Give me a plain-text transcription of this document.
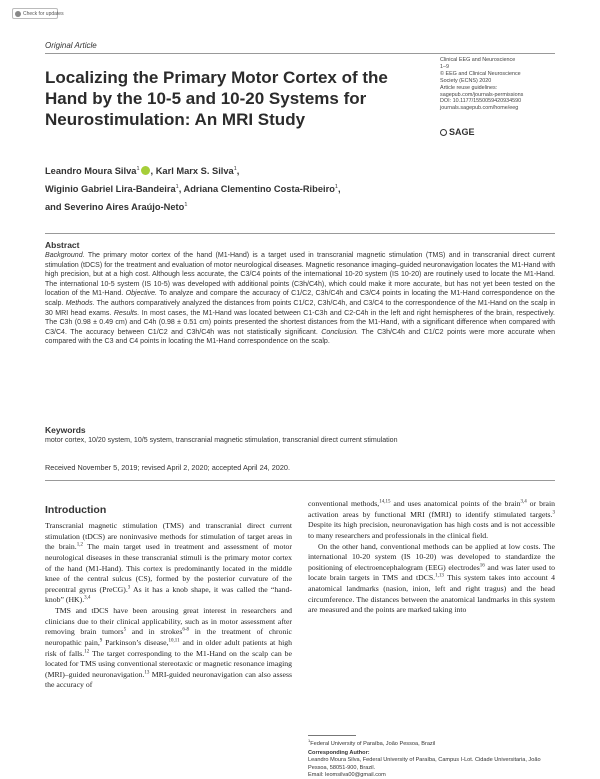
Check for updates
Original Article
Localizing the Primary Motor Cortex of the Hand by the 10-5 and 10-20 Systems for Neurostimulation: An MRI Study
Clinical EEG and Neuroscience
1–9
© EEG and Clinical Neuroscience
Society (ECNS) 2020
Article reuse guidelines:
sagepub.com/journals-permissions
DOI: 10.1177/1550059420934590
journals.sagepub.com/home/eeg
SAGE
Leandro Moura Silva$^1$ , Karl Marx S. Silva$^1$,
Wiginio Gabriel Lira-Bandeira$^1$, Adriana Clementino Costa-Ribeiro$^1$,
and Severino Aires Araújo-Neto$^1$
Abstract

Background. The primary motor cortex of the hand (M1-Hand) is a target used in transcranial magnetic stimulation (TMS) and in transcranial direct current stimulation (tDCS) for the treatment and evaluation of motor neurological diseases. Magnetic resonance imaging–guided neuronavigation locates the M1-Hand with high precision, but at a high cost. Although less accurate, the C3/C4 points of the international 10-20 system (IS 10-20) are routinely used to locate the M1-Hand. The international 10-5 system (IS 10-5) was developed with additional points (C3h/C4h), which could make it more accurate, but has not yet been tested on the location of the M1-Hand. Objective. To analyze and compare the accuracy of C1/C2, C3h/C4h and C3/C4 points in locating the M1-Hand correspondence on the scalp. Methods. The authors comparatively analyzed the distances from points C1/C2, C3h/C4h, and C3/C4 to the correspondence of the M1-Hand on the scalp in 30 MRI head exams. Results. In most cases, the M1-Hand was located between C1-C3h and C2-C4h in the left and right hemispheres of the brain, respectively. The C3h (0.98 ± 0.49 cm) and C4h (0.98 ± 0.51 cm) points presented the shortest distances from the M1-Hand, with a significant difference when compared with C3/C4. The accuracy between C1/C2 and C3h/C4h was not statistically significant. Conclusion. The C3h/C4h and C1/C2 points were more accurate when compared with the C3 and C4 points in locating the M1-Hand correspondence on the scalp.

Keywords
motor cortex, 10/20 system, 10/5 system, transcranial magnetic stimulation, transcranial direct current stimulation
Received November 5, 2019; revised April 2, 2020; accepted April 24, 2020.
Introduction

Transcranial magnetic stimulation (TMS) and transcranial direct current stimulation (tDCS) are noninvasive methods for stimulation of target areas in the brain.$^{1,2}$ The main target used in treatment and assessment of motor neurological diseases in these transcranial stimuli is the primary motor cortex of the hand (M1-Hand). This cortex is predominantly located in the middle knee of the central sulcus (CS), formed by the posterior curvature of the precentral gyrus (PreCG).$^3$ As it has a knob shape, it was called the “hand-knob” (HK).$^{3,4}$

TMS and tDCS have been arousing great interest in researchers and clinicians due to their clinical applicability, such as in motor assessment after removing brain tumors$^5$ and in strokes$^{6-8}$ in the treatment of chronic neuropathic pain,$^9$ Parkinson’s disease,$^{10,11}$ and in older adult patients at high risk of falls.$^{12}$ The target corresponding to the M1-Hand on the scalp can be located for TMS using conventional stereotaxic or magnetic resonance imaging (MRI)–guided neuronavigation.$^{13}$ MRI-guided neuronavigation can also assess the accuracy of

conventional methods,$^{14,15}$ and uses anatomical points of the brain$^{3,4}$ or brain activation areas by functional MRI (fMRI) to identify stimulated targets.$^3$ Despite its high precision, neuronavigation has high costs and is not accessible to many researchers and professionals in the clinical field.

On the other hand, conventional methods can be applied at low costs. The international 10-20 system (IS 10-20) was developed to standardize the positioning of electroencephalogram (EEG) electrodes$^{16}$ and was later used to locate brain targets in TMS and tDCS.$^{1,13}$ This system takes into account 4 anatomical landmarks (nasion, inion, left and right tragus) and the head circumference. The distances between the anatomical landmarks in this system are measured and the points are marked taking into

$^1$Federal University of Paraíba, João Pessoa, Brazil
Corresponding Author:
Leandro Moura Silva, Federal University of Paraíba, Campus I-Lot. Cidade Universitaria, João Pessoa, 58051-900, Brazil.
Email: leomsilva00@gmail.com
